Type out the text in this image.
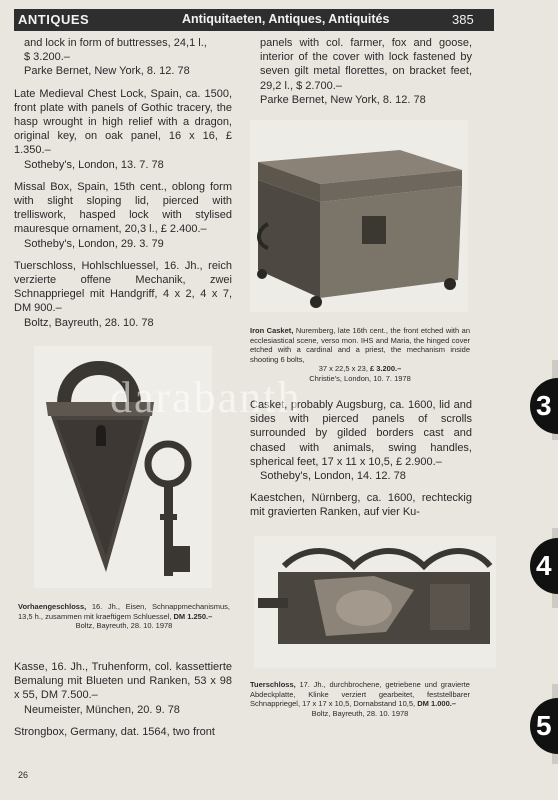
ANTIQUES	Antiquitaeten, Antiques, Antiquités	385

and lock in form of buttresses, 24,1 l.,

$ 3.200.–

Parke Bernet, New York, 8. 12. 78

Late Medieval Chest Lock, Spain, ca. 1500, front plate with panels of Gothic tracery, the hasp wrought in high relief with a dragon, original key, on oak panel, 16 x 16, £ 1.350.–

Sotheby's, London, 13. 7. 78

Missal Box, Spain, 15th cent., oblong form with slight sloping lid, pierced with trelliswork, hasped lock with stylised mauresque ornament, 20,3 l., £ 2.400.–

Sotheby's, London, 29. 3. 79

Tuerschloss, Hohlschluessel, 16. Jh., reich verzierte offene Mechanik, zwei Schnappriegel mit Handgriff, 4 x 2, 4 x 7, DM 900.–

Boltz, Bayreuth, 28. 10. 78

Vorhaengeschloss, 16. Jh., Eisen, Schnappmechanismus, 13,5 h., zusammen mit kraeftigem Schluessel, DM 1.250.–
Boltz, Bayreuth, 28. 10. 1978

Kasse, 16. Jh., Truhenform, col. kassettierte Bemalung mit Blueten und Ranken, 53 x 98 x 55, DM 7.500.–

Neumeister, München, 20. 9. 78

Strongbox, Germany, dat. 1564, two front

panels with col. farmer, fox and goose, interior of the cover with lock fastened by seven gilt metal florettes, on bracket feet, 29,2 l., $ 2.700.–

Parke Bernet, New York, 8. 12. 78

Iron Casket, Nuremberg, late 16th cent., the front etched with an ecclesiastical scene, verso mon. IHS and Maria, the hinged cover etched with a cardinal and a priest, the mechanism inside shooting 6 bolts,
37 x 22,5 x 23, £ 3.200.–
Christie's, London, 10. 7. 1978

Casket, probably Augsburg, ca. 1600, lid and sides with pierced panels of scrolls surrounded by gilded borders cast and chased with animals, swing handles, spherical feet, 17 x 11 x 10,5, £ 2.900.–

Sotheby's, London, 14. 12. 78

Kaestchen, Nürnberg, ca. 1600, rechteckig mit gravierten Ranken, auf vier Ku-

Tuerschloss, 17. Jh., durchbrochene, getriebene und gravierte Abdeckplatte, Klinke verziert gearbeitet, feststellbarer Schnappriegel, 17 x 17 x 10,5, Dornabstand 10,5, DM 1.000.–
Boltz, Bayreuth, 28. 10. 1978
3
4
5
darabanth
26
